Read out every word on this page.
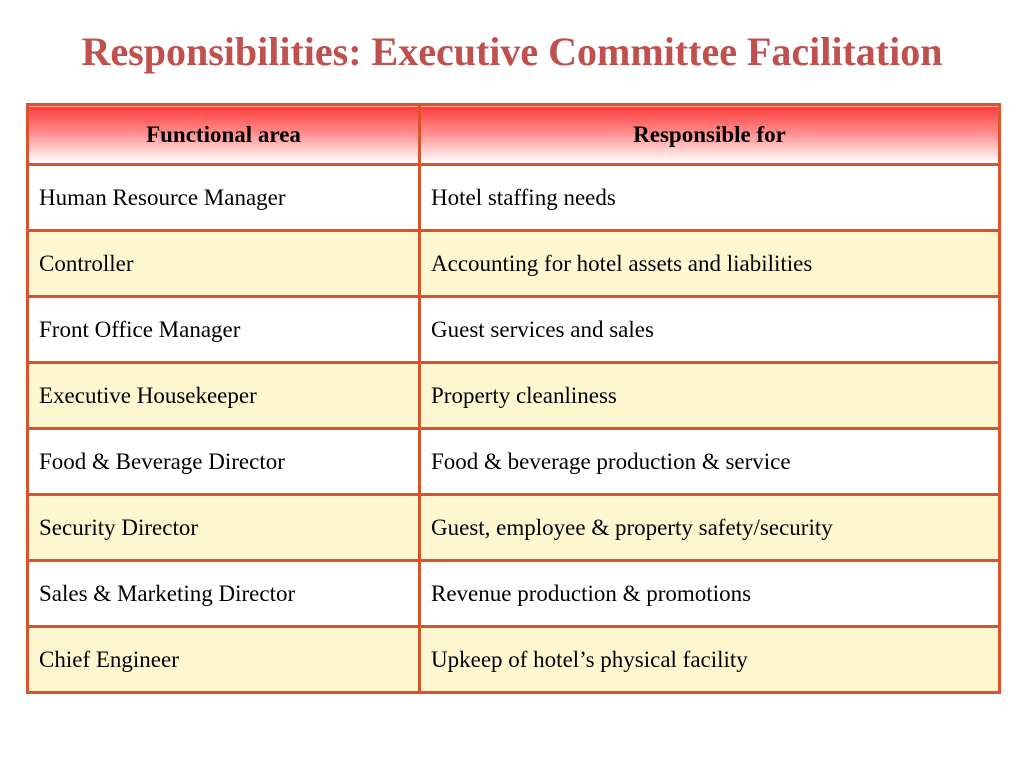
Responsibilities: Executive Committee Facilitation
Functional area	Responsible for
Human Resource Manager	Hotel staffing needs
Controller	Accounting for hotel assets and liabilities
Front Office Manager	Guest services and sales
Executive Housekeeper	Property cleanliness
Food & Beverage Director	Food & beverage production & service
Security Director	Guest, employee & property safety/security
Sales & Marketing Director	Revenue production & promotions
Chief Engineer	Upkeep of hotel’s physical facility
